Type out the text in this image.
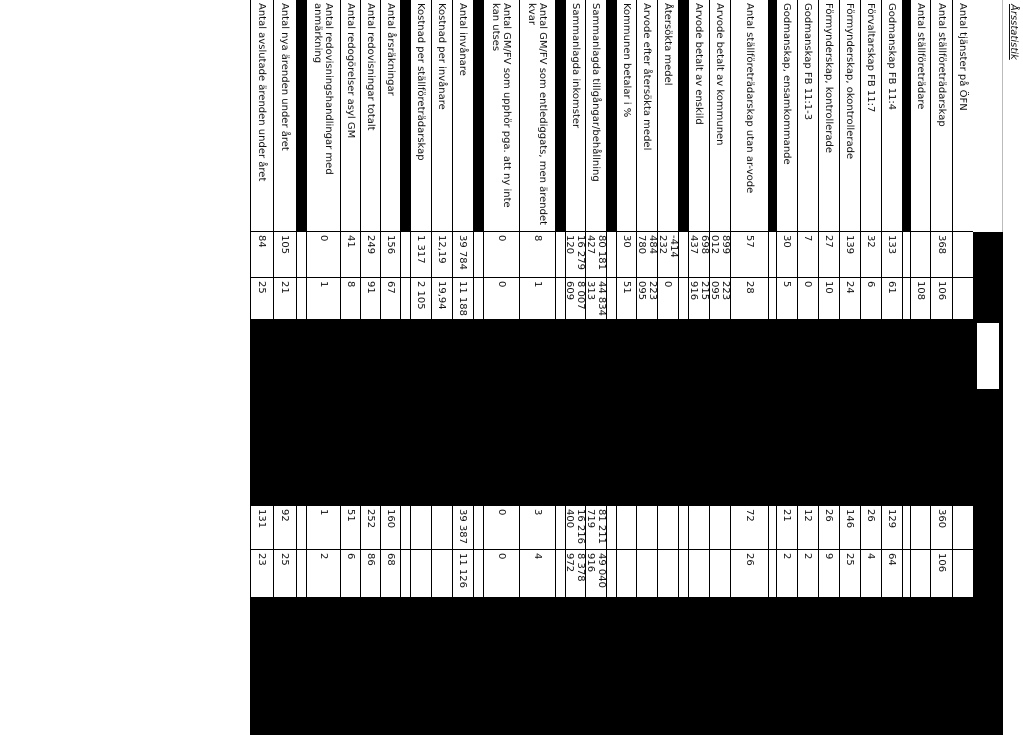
Årsstatistik
Antal tjänster på ÖFN
Antal ställföreträdarskap
368
106
360
106
Antal ställföreträdare
108
Godmanskap FB 11:4
133
61
129
64
Förvaltarskap FB 11:7
32
6
26
4
Förmynderskap, okontrollerade
139
24
146
25
Förmynderskap, kontrollerade
27
10
26
9
Godmanskap FB 11:1-3
7
0
12
2
Godmanskap, ensamkommande
30
5
21
2
Antal ställföreträdarskap utan ar-vode
57
28
72
26
Arvode betalt av kommunen
899 012
223 095
Arvode betalt av enskild
698 437
215 916
Återsökta medel
-414 232
0
Arvode efter återsökta medel
484 780
223 095
Kommunen betalar i %
30
51
Sammanlagda tillgångar/behållning
80 181 427
44 834 313
81 211 719
49 040 916
Sammanlagda inkomster
16 279 120
8 007 609
16 216 400
8 378 972
Antal GM/FV som entlediggats, men ärendet kvar
8
1
3
4
Antal GM/FV som upphör pga. att ny inte kan utses
0
0
0
0
Antal invånare
39 784
11 188
39 387
11 126
Kostnad per invånare
12,19
19,94
Kostnad per ställföreträdarskap
1 317
2 105
Antal årsräkningar
156
67
160
68
Antal redovisningar totalt
249
91
252
86
Antal redogörelser asyl GM
41
8
51
6
Antal redovisningshandlingar med anmärkning
0
1
1
2
Antal nya ärenden under året
105
21
92
25
Antal avslutade ärenden under året
84
25
131
23
